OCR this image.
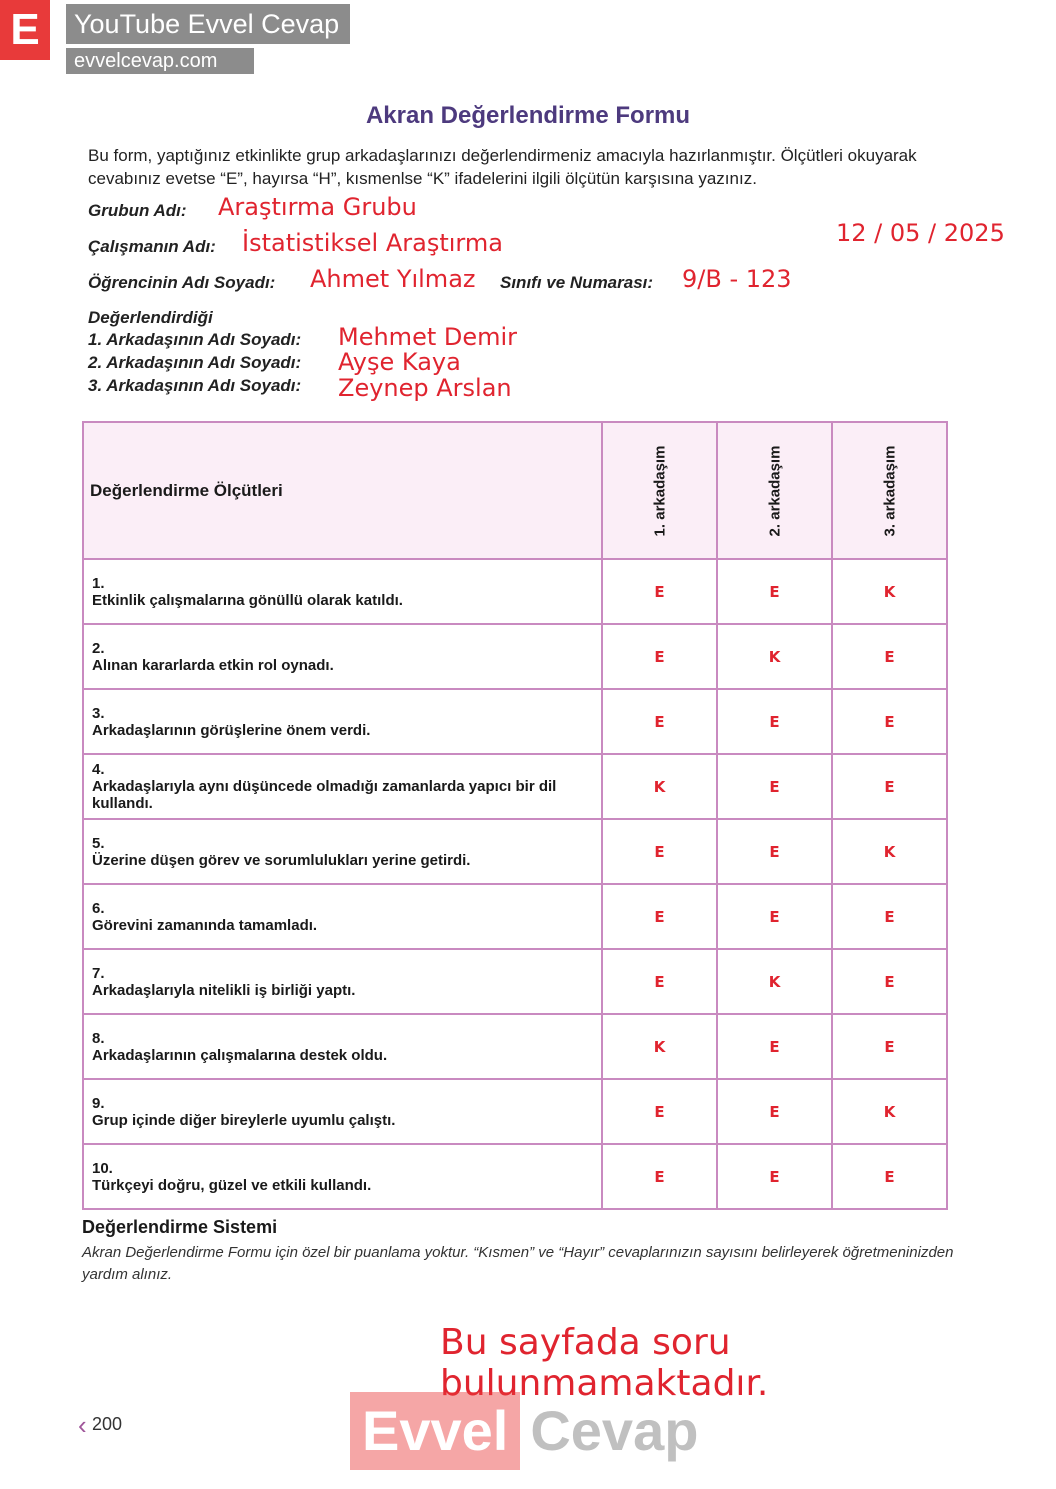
E	YouTube Evvel Cevap
evvelcevap.com
Akran Değerlendirme Formu
Bu form, yaptığınız etkinlikte grup arkadaşlarınızı değerlendirmeniz amacıyla hazırlanmıştır. Ölçütleri okuyarak cevabınız evetse “E”, hayırsa “H”, kısmenlse “K” ifadelerini ilgili ölçütün karşısına yazınız.
Grubun Adı: Araştırma Grubu
Çalışmanın Adı: İstatistiksel Araştırma	12 / 05 / 2025
Öğrencinin Adı Soyadı: Ahmet Yılmaz Sınıfı ve Numarası: 9/B - 123
Değerlendirdiği
1. Arkadaşının Adı Soyadı: Mehmet Demir
2. Arkadaşının Adı Soyadı: Ayşe Kaya
3. Arkadaşının Adı Soyadı: Zeynep Arslan
Değerlendirme Ölçütleri	1. arkadaşım	2. arkadaşım	3. arkadaşım

1.Etkinlik çalışmalarına gönüllü olarak katıldı.	E	E	K
2.Alınan kararlarda etkin rol oynadı.	E	K	E
3.Arkadaşlarının görüşlerine önem verdi.	E	E	E
4.Arkadaşlarıyla aynı düşüncede olmadığı zamanlarda yapıcı bir dil kullandı.	K	E	E
5.Üzerine düşen görev ve sorumlulukları yerine getirdi.	E	E	K
6.Görevini zamanında tamamladı.	E	E	E
7.Arkadaşlarıyla nitelikli iş birliği yaptı.	E	K	E
8.Arkadaşlarının çalışmalarına destek oldu.	K	E	E
9.Grup içinde diğer bireylerle uyumlu çalıştı.	E	E	K
10.Türkçeyi doğru, güzel ve etkili kullandı.	E	E	E
Değerlendirme Sistemi
Akran Değerlendirme Formu için özel bir puanlama yoktur. “Kısmen” ve “Hayır” cevaplarınızın sayısını belirleyerek öğretmeninizden yardım alınız.
Bu sayfada soru bulunmamaktadır.
‹ 200	Evvel Cevap
